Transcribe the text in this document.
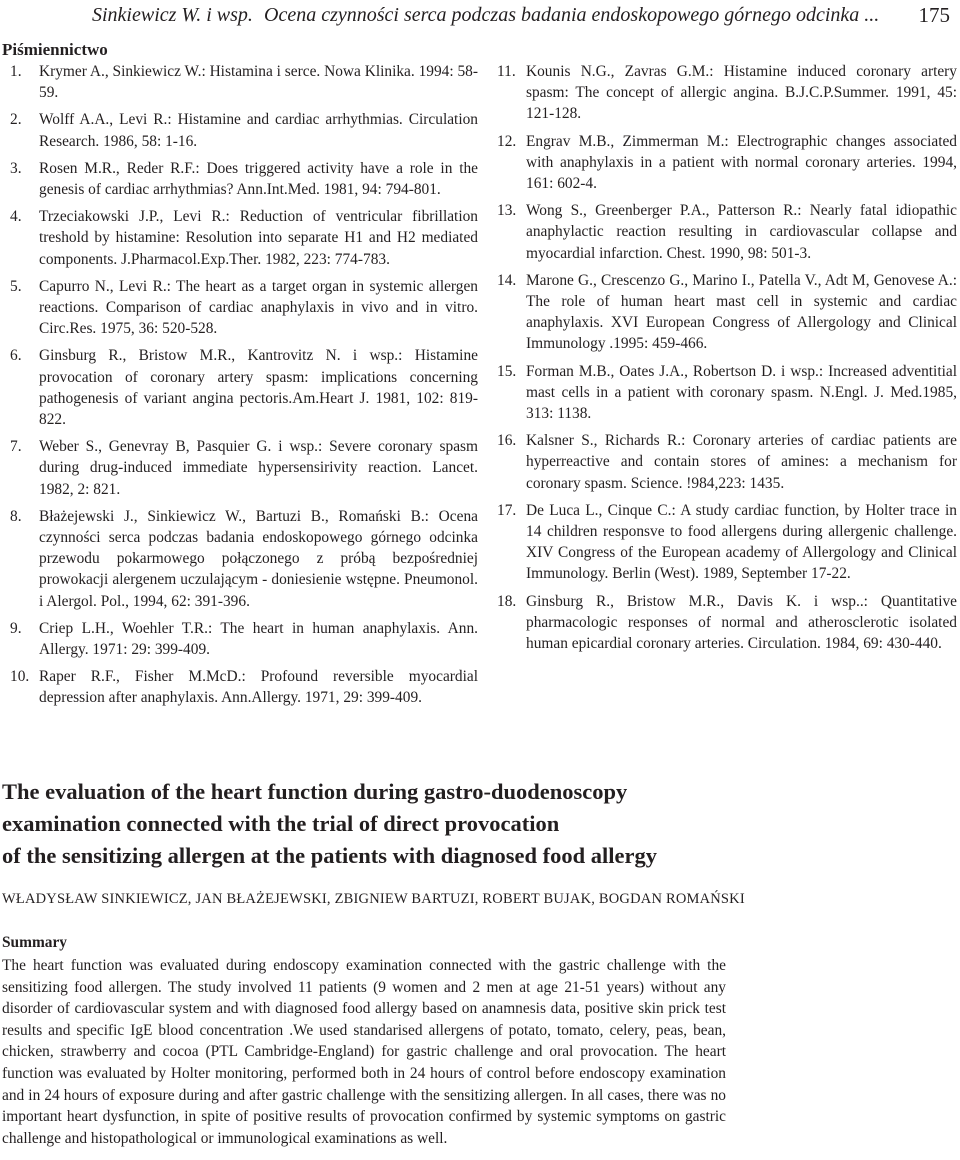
Sinkiewicz W. i wsp. Ocena czynności serca podczas badania endoskopowego górnego odcinka ... 175
Piśmiennictwo
1. Krymer A., Sinkiewicz W.: Histamina i serce. Nowa Klinika. 1994: 58-59.
2. Wolff A.A., Levi R.: Histamine and cardiac arrhythmias. Circulation Research. 1986, 58: 1-16.
3. Rosen M.R., Reder R.F.: Does triggered activity have a role in the genesis of cardiac arrhythmias? Ann.Int.Med. 1981, 94: 794-801.
4. Trzeciakowski J.P., Levi R.: Reduction of ventricular fibrillation treshold by histamine: Resolution into separate H1 and H2 mediated components. J.Pharmacol.Exp.Ther. 1982, 223: 774-783.
5. Capurro N., Levi R.: The heart as a target organ in systemic allergen reactions. Comparison of cardiac anaphylaxis in vivo and in vitro. Circ.Res. 1975, 36: 520-528.
6. Ginsburg R., Bristow M.R., Kantrovitz N. i wsp.: Histamine provocation of coronary artery spasm: implications concerning pathogenesis of variant angina pectoris.Am.Heart J. 1981, 102: 819-822.
7. Weber S., Genevray B, Pasquier G. i wsp.: Severe coronary spasm during drug-induced immediate hypersensirivity reaction. Lancet. 1982, 2: 821.
8. Błażejewski J., Sinkiewicz W., Bartuzi B., Romański B.: Ocena czynności serca podczas badania endoskopowego górnego odcinka przewodu pokarmowego połączonego z próbą bezpośredniej prowokacji alergenem uczulającym - doniesienie wstępne. Pneumonol. i Alergol. Pol., 1994, 62: 391-396.
9. Criep L.H., Woehler T.R.: The heart in human anaphylaxis. Ann. Allergy. 1971: 29: 399-409.
10. Raper R.F., Fisher M.McD.: Profound reversible myocardial depression after anaphylaxis. Ann.Allergy. 1971, 29: 399-409.
11. Kounis N.G., Zavras G.M.: Histamine induced coronary artery spasm: The concept of allergic angina. B.J.C.P.Summer. 1991, 45: 121-128.
12. Engrav M.B., Zimmerman M.: Electrographic changes associated with anaphylaxis in a patient with normal coronary arteries. 1994, 161: 602-4.
13. Wong S., Greenberger P.A., Patterson R.: Nearly fatal idiopathic anaphylactic reaction resulting in cardiovascular collapse and myocardial infarction. Chest. 1990, 98: 501-3.
14. Marone G., Crescenzo G., Marino I., Patella V., Adt M, Genovese A.: The role of human heart mast cell in systemic and cardiac anaphylaxis. XVI European Congress of Allergology and Clinical Immunology .1995: 459-466.
15. Forman M.B., Oates J.A., Robertson D. i wsp.: Increased adventitial mast cells in a patient with coronary spasm. N.Engl. J. Med.1985, 313: 1138.
16. Kalsner S., Richards R.: Coronary arteries of cardiac patients are hyperreactive and contain stores of amines: a mechanism for coronary spasm. Science. !984,223: 1435.
17. De Luca L., Cinque C.: A study cardiac function, by Holter trace in 14 children responsve to food allergens during allergenic challenge. XIV Congress of the European academy of Allergology and Clinical Immunology. Berlin (West). 1989, September 17-22.
18. Ginsburg R., Bristow M.R., Davis K. i wsp..: Quantitative pharmacologic responses of normal and atherosclerotic isolated human epicardial coronary arteries. Circulation. 1984, 69: 430-440.
The evaluation of the heart function during gastro-duodenoscopy
examination connected with the trial of direct provocation
of the sensitizing allergen at the patients with diagnosed food allergy
WŁADYSŁAW SINKIEWICZ, JAN BŁAŻEJEWSKI, ZBIGNIEW BARTUZI, ROBERT BUJAK, BOGDAN ROMAŃSKI
Summary
The heart function was evaluated during endoscopy examination connected with the gastric challenge with the sensitizing food allergen. The study involved 11 patients (9 women and 2 men at age 21-51 years) without any disorder of cardiovascular system and with diagnosed food allergy based on anamnesis data, positive skin prick test results and specific IgE blood concentration .We used standarised allergens of potato, tomato, celery, peas, bean, chicken, strawberry and cocoa (PTL Cambridge-England) for gastric challenge and oral provocation. The heart function was evaluated by Holter monitoring, performed both in 24 hours of control before endoscopy examination and in 24 hours of exposure during and after gastric challenge with the sensitizing allergen. In all cases, there was no important heart dysfunction, in spite of positive results of provocation confirmed by systemic symptoms on gastric challenge and histopathological or immunological examinations as well.
